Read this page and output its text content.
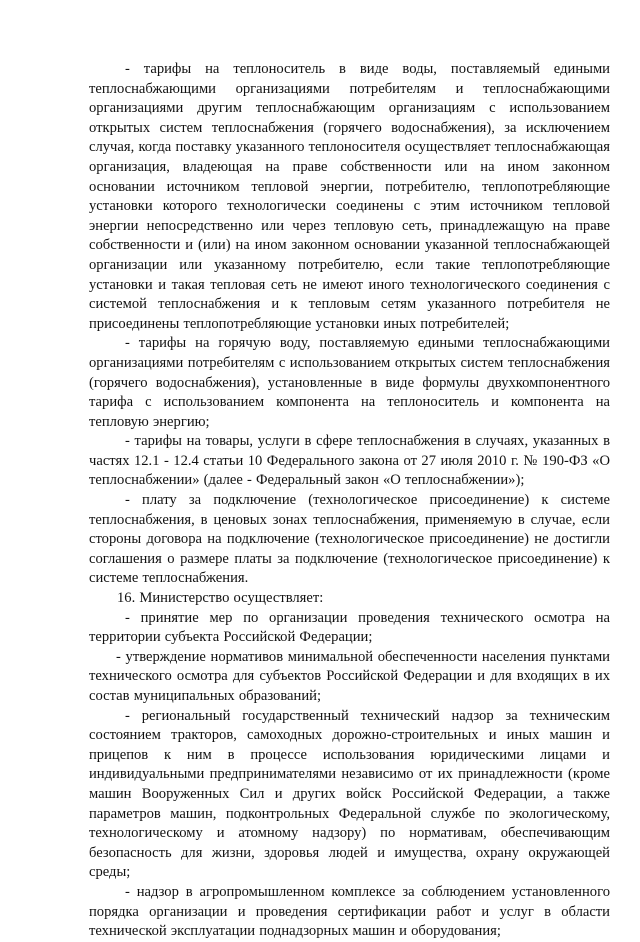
- тарифы на теплоноситель в виде воды, поставляемый едиными теплоснабжающими организациями потребителям и теплоснабжающими организациями другим теплоснабжающим организациям с использованием открытых систем теплоснабжения (горячего водоснабжения), за исключением случая, когда поставку указанного теплоносителя осуществляет теплоснабжающая организация, владеющая на праве собственности или на ином законном основании источником тепловой энергии, потребителю, теплопотребляющие установки которого технологически соединены с этим источником тепловой энергии непосредственно или через тепловую сеть, принадлежащую на праве собственности и (или) на ином законном основании указанной теплоснабжающей организации или указанному потребителю, если такие теплопотребляющие установки и такая тепловая сеть не имеют иного технологического соединения с системой теплоснабжения и к тепловым сетям указанного потребителя не присоединены теплопотребляющие установки иных потребителей;

- тарифы на горячую воду, поставляемую едиными теплоснабжающими организациями потребителям с использованием открытых систем теплоснабжения (горячего водоснабжения), установленные в виде формулы двухкомпонентного тарифа с использованием компонента на теплоноситель и компонента на тепловую энергию;

- тарифы на товары, услуги в сфере теплоснабжения в случаях, указанных в частях 12.1 - 12.4 статьи 10 Федерального закона от 27 июля 2010 г. № 190-ФЗ «О теплоснабжении» (далее - Федеральный закон «О теплоснабжении»);

- плату за подключение (технологическое присоединение) к системе теплоснабжения, в ценовых зонах теплоснабжения, применяемую в случае, если стороны договора на подключение (технологическое присоединение) не достигли соглашения о размере платы за подключение (технологическое присоединение) к системе теплоснабжения.

16. Министерство осуществляет:

- принятие мер по организации проведения технического осмотра на территории субъекта Российской Федерации;

- утверждение нормативов минимальной обеспеченности населения пунктами технического осмотра для субъектов Российской Федерации и для входящих в их состав муниципальных образований;

- региональный государственный технический надзор за техническим состоянием тракторов, самоходных дорожно-строительных и иных машин и прицепов к ним в процессе использования юридическими лицами и индивидуальными предпринимателями независимо от их принадлежности (кроме машин Вооруженных Сил и других войск Российской Федерации, а также параметров машин, подконтрольных Федеральной службе по экологическому, технологическому и атомному надзору) по нормативам, обеспечивающим безопасность для жизни, здоровья людей и имущества, охрану окружающей среды;

- надзор в агропромышленном комплексе за соблюдением установленного порядка организации и проведения сертификации работ и услуг в области технической эксплуатации поднадзорных машин и оборудования;
